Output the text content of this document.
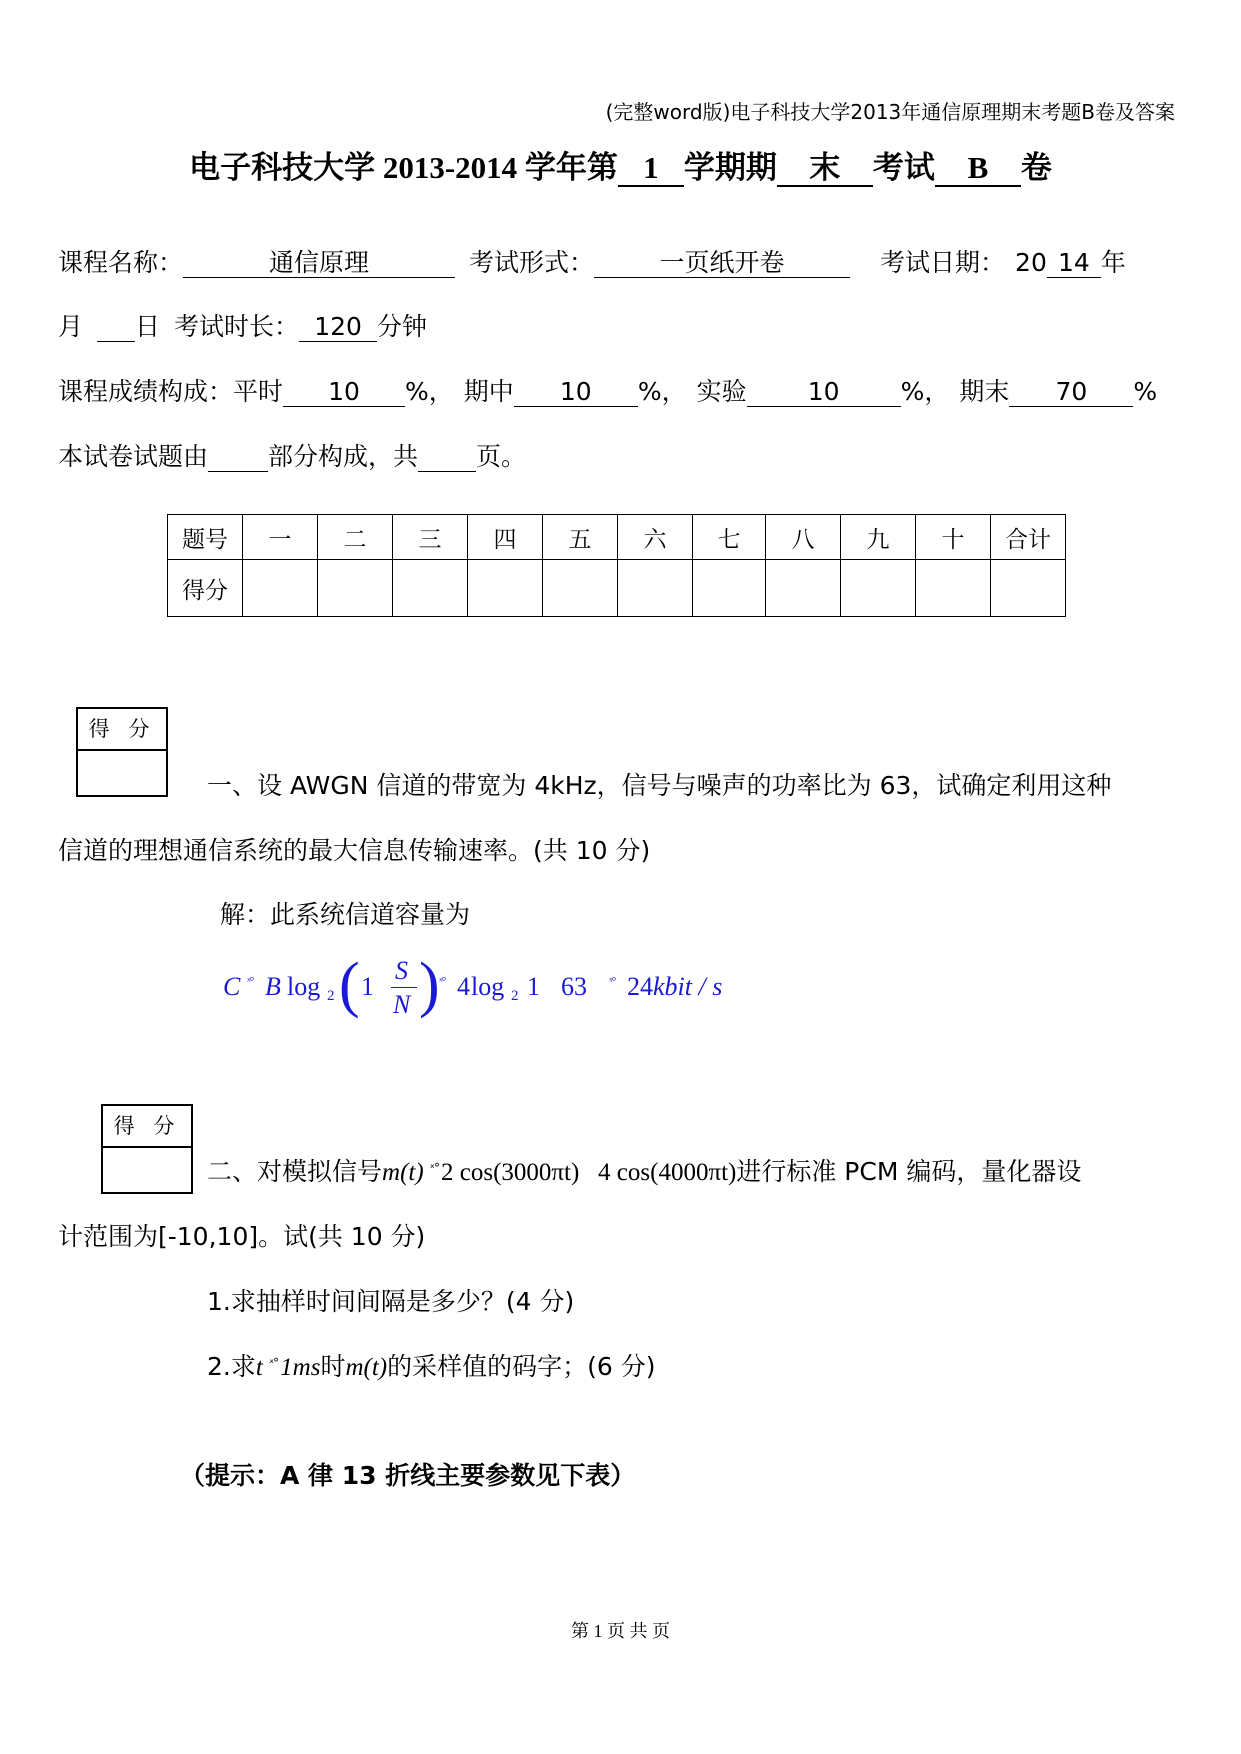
(完整word版)电子科技大学2013年通信原理期末考题B卷及答案
电子科技大学 2013-2014 学年第 1 学期期 末 考试 B 卷
课程名称：	通信原理	考试形式：	一页纸开卷	考试日期： 20 14 年
月 日 考试时长： 120 分钟
课程成绩构成：平时 10 %， 期中 10 %， 实验 10 %， 期末 70 %
本试卷试题由 部分构成，共 页。
题号	一	二	三	四	五	六	七	八	九	十	合计
得分											
得 分
一、设 AWGN 信道的带宽为 4kHz，信号与噪声的功率比为 63，试确定利用这种
信道的理想通信系统的最大信息传输速率。(共 10 分)
解：此系统信道容量为
C ˣ° B log 2 ( 1
S
N ) ˣ° 4 log 2 1 63 ˣ° 24 kbit / s
得 分
二、对模拟信号m(t) $^{ˣ^\circ}$2 cos(3000πt)   4 cos(4000πt)进行标准 PCM 编码，量化器设
计范围为[-10,10]。试(共 10 分)
1.求抽样时间间隔是多少？(4 分)
2.求t $^{ˣ^\circ}$1ms时m(t)的采样值的码字；(6 分)
（提示：A 律 13 折线主要参数见下表）
第 1 页 共 页
